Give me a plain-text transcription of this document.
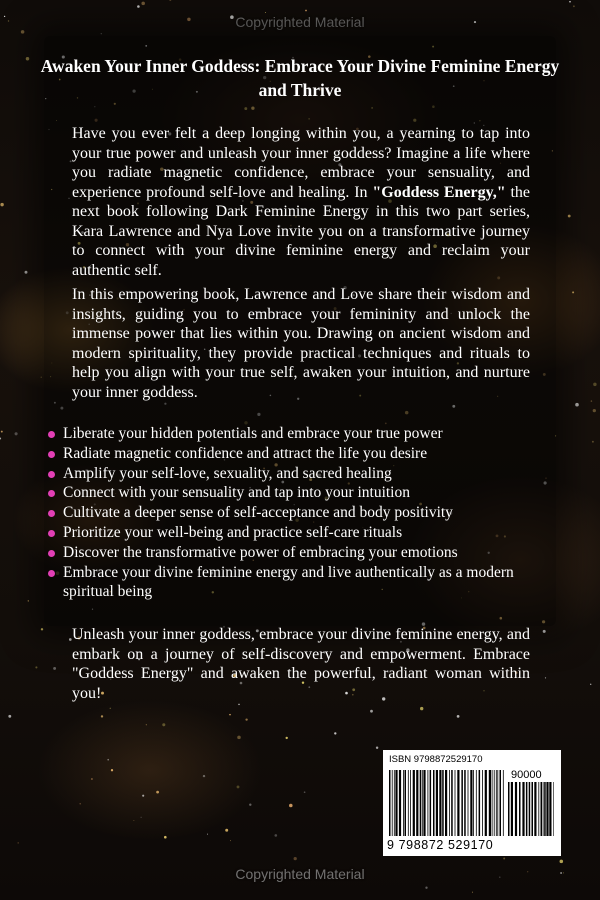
Copyrighted Material
Awaken Your Inner Goddess: Embrace Your Divine Feminine Energy and Thrive

Have you ever felt a deep longing within you, a yearning to tap into your true power and unleash your inner goddess? Imagine a life where you radiate magnetic confidence, embrace your sensuality, and experience profound self-love and healing. In "Goddess Energy," the next book following Dark Feminine Energy in this two part series, Kara Lawrence and Nya Love invite you on a transformative journey to connect with your divine feminine energy and reclaim your authentic self.

In this empowering book, Lawrence and Love share their wisdom and insights, guiding you to embrace your femininity and unlock the immense power that lies within you. Drawing on ancient wisdom and modern spirituality, they provide practical techniques and rituals to help you align with your true self, awaken your intuition, and nurture your inner goddess.

Liberate your hidden potentials and embrace your true power
Radiate magnetic confidence and attract the life you desire
Amplify your self-love, sexuality, and sacred healing
Connect with your sensuality and tap into your intuition
Cultivate a deeper sense of self-acceptance and body positivity
Prioritize your well-being and practice self-care rituals
Discover the transformative power of embracing your emotions
Embrace your divine feminine energy and live authentically as a modern spiritual being

Unleash your inner goddess, embrace your divine feminine energy, and embark on a journey of self-discovery and empowerment. Embrace "Goddess Energy" and awaken the powerful, radiant woman within you!

ISBN 9798872529170
90000
9 798872 529170
Copyrighted Material
